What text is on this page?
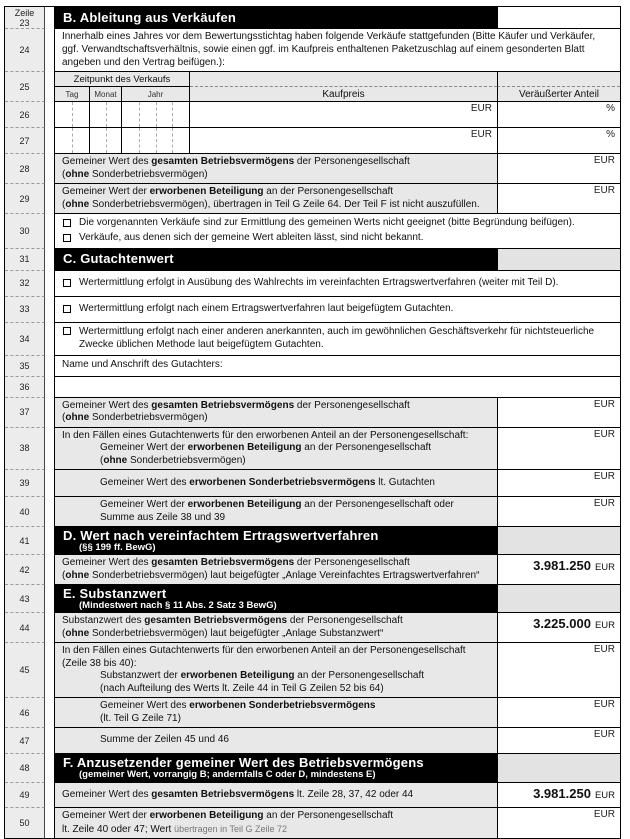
Zeile
23	B. Ableitung aus Verkäufen
24
Innerhalb eines Jahres vor dem Bewertungsstichtag haben folgende Verkäufe stattgefunden (Bitte Käufer und Verkäufer, ggf. Verwandtschaftsverhältnis, sowie einen ggf. im Kaufpreis enthaltenen Paketzuschlag auf einem gesonderten Blatt angeben und den Vertrag beifügen.):
25
Zeitpunkt des Verkaufs
Tag	Monat	Jahr	Kaufpreis	Veräußerter Anteil
26
EUR	%
27
EUR	%
28
Gemeiner Wert des gesamten Betriebsvermögens der Personengesellschaft
(ohne Sonderbetriebsvermögen)
EUR
29
Gemeiner Wert der erworbenen Beteiligung an der Personengesellschaft
(ohne Sonderbetriebsvermögen), übertragen in Teil G Zeile 64. Der Teil F ist nicht auszufüllen.
EUR
30
Die vorgenannten Verkäufe sind zur Ermittlung des gemeinen Werts nicht geeignet (bitte Begründung beifügen).
Verkäufe, aus denen sich der gemeine Wert ableiten lässt, sind nicht bekannt.
31	C. Gutachtenwert
32	Wertermittlung erfolgt in Ausübung des Wahlrechts im vereinfachten Ertragswertverfahren (weiter mit Teil D).
33	Wertermittlung erfolgt nach einem Ertragswertverfahren laut beigefügtem Gutachten.
34
Wertermittlung erfolgt nach einer anderen anerkannten, auch im gewöhnlichen Geschäftsverkehr für nichtsteuerliche Zwecke üblichen Methode laut beigefügtem Gutachten.
35	Name und Anschrift des Gutachters:
36
37
Gemeiner Wert des gesamten Betriebsvermögens der Personengesellschaft
(ohne Sonderbetriebsvermögen)
EUR
38
In den Fällen eines Gutachtenwerts für den erworbenen Anteil an der Personengesellschaft:
Gemeiner Wert der erworbenen Beteiligung an der Personengesellschaft
(ohne Sonderbetriebsvermögen)
EUR
39	Gemeiner Wert des erworbenen Sonderbetriebsvermögens lt. Gutachten
EUR
40
Gemeiner Wert der erworbenen Beteiligung an der Personengesellschaft oder
Summe aus Zeile 38 und 39
EUR
41	D. Wert nach vereinfachtem Ertragswertverfahren
(§§ 199 ff. BewG)
42
Gemeiner Wert des gesamten Betriebsvermögens der Personengesellschaft
(ohne Sonderbetriebsvermögen) laut beigefügter „Anlage Vereinfachtes Ertragswertverfahren“
3.981.250 EUR
43	E. Substanzwert
(Mindestwert nach § 11 Abs. 2 Satz 3 BewG)
44
Substanzwert des gesamten Betriebsvermögens der Personengesellschaft
(ohne Sonderbetriebsvermögen) laut beigefügter „Anlage Substanzwert“
3.225.000 EUR
45
In den Fällen eines Gutachtenwerts für den erworbenen Anteil an der Personengesellschaft
(Zeile 38 bis 40):
Substanzwert der erworbenen Beteiligung an der Personengesellschaft
(nach Aufteilung des Werts lt. Zeile 44 in Teil G Zeilen 52 bis 64)
EUR
46
Gemeiner Wert des erworbenen Sonderbetriebsvermögens
(lt. Teil G Zeile 71)
EUR
47	Summe der Zeilen 45 und 46	EUR
48	F. Anzusetzender gemeiner Wert des Betriebsvermögens
(gemeiner Wert, vorrangig B; andernfalls C oder D, mindestens E)
49	Gemeiner Wert des gesamten Betriebsvermögens lt. Zeile 28, 37, 42 oder 44	3.981.250 EUR
50
Gemeiner Wert der erworbenen Beteiligung an der Personengesellschaft
lt. Zeile 40 oder 47; Wert übertragen in Teil G Zeile 72
EUR
